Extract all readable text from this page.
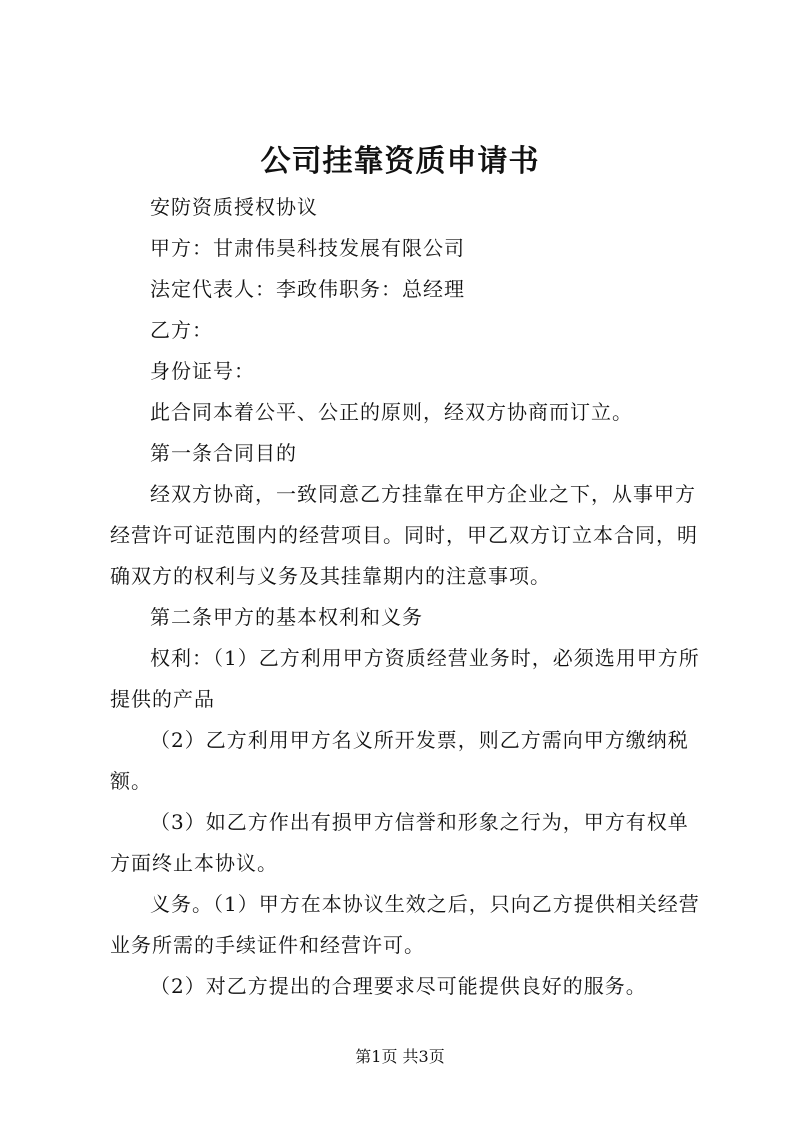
公司挂靠资质申请书

安防资质授权协议

甲方：甘肃伟昊科技发展有限公司

法定代表人：李政伟职务：总经理

乙方：

身份证号：

此合同本着公平、公正的原则，经双方协商而订立。

第一条合同目的

经双方协商，一致同意乙方挂靠在甲方企业之下，从事甲方经营许可证范围内的经营项目。同时，甲乙双方订立本合同，明确双方的权利与义务及其挂靠期内的注意事项。

第二条甲方的基本权利和义务

权利：（1）乙方利用甲方资质经营业务时，必须选用甲方所提供的产品

（2）乙方利用甲方名义所开发票，则乙方需向甲方缴纳税额。

（3）如乙方作出有损甲方信誉和形象之行为，甲方有权单方面终止本协议。

义务。（1）甲方在本协议生效之后，只向乙方提供相关经营业务所需的手续证件和经营许可。

（2）对乙方提出的合理要求尽可能提供良好的服务。

第1页 共3页
